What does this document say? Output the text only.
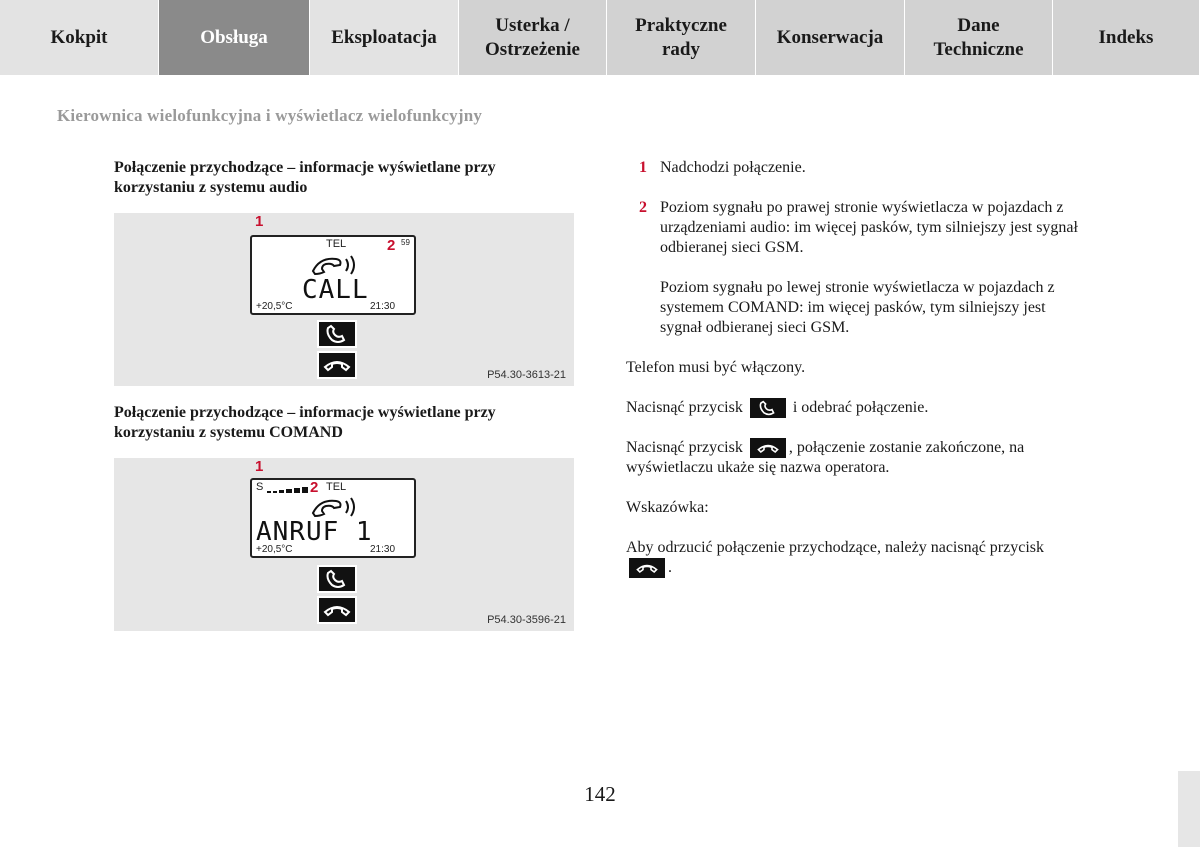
Kokpit	Obsługa	Eksploatacja
Usterka /
Ostrzeżenie
Praktyczne
rady
Konserwacja
Dane
Techniczne
Indeks
Kierownica wielofunkcyjna i wyświetlacz wielofunkcyjny
Połączenie przychodzące – informacje wyświetlane przy korzystaniu z systemu audio
1
TEL	2 59
CALL
+20,5°C	21:30
P54.30-3613-21
Połączenie przychodzące – informacje wyświetlane przy korzystaniu z systemu COMAND
1
S	2 TEL
ANRUF 1
+20,5°C	21:30
P54.30-3596-21
1 Nadchodzi połączenie.
2 Poziom sygnału po prawej stronie wyświetlacza w pojazdach z urządzeniami audio: im więcej pasków, tym silniejszy jest sygnał odbieranej sieci GSM.

Poziom sygnału po lewej stronie wyświetlacza w pojazdach z systemem COMAND: im więcej pasków, tym silniejszy jest sygnał odbieranej sieci GSM.

Telefon musi być włączony.

Nacisnąć przycisk	i odebrać połączenie.

Nacisnąć przycisk	, połączenie zostanie zakończone, na wyświetlaczu ukaże się nazwa operatora.

Wskazówka:

Aby odrzucić połączenie przychodzące, należy nacisnąć przycisk
.

142
